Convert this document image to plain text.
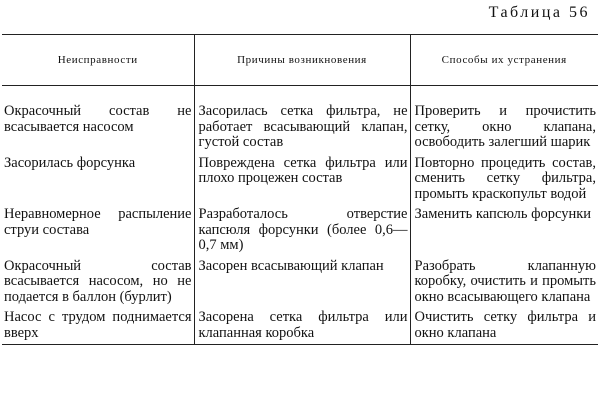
Таблица 56
Неисправности	Причины возникновения	Способы их устранения
Окрасочный состав не всасывается насосом	Засорилась сетка фильтра, не работает всасывающий клапан, густой состав	Проверить и прочистить сетку, окно клапана, освободить залегший шарик
Засорилась форсунка	Повреждена сетка фильтра или плохо процежен состав	Повторно процедить состав, сменить сетку фильтра, промыть краскопульт водой
Неравномерное распыление струи состава	Разработалось отверстие капсюля форсунки (более 0,6—0,7 мм)	Заменить капсюль форсунки
Окрасочный состав всасывается насосом, но не подается в баллон (бурлит)	Засорен всасывающий клапан	Разобрать клапанную коробку, очистить и промыть окно всасывающего клапана
Насос с трудом поднимается вверх	Засорена сетка фильтра или клапанная коробка	Очистить сетку фильтра и окно клапана
